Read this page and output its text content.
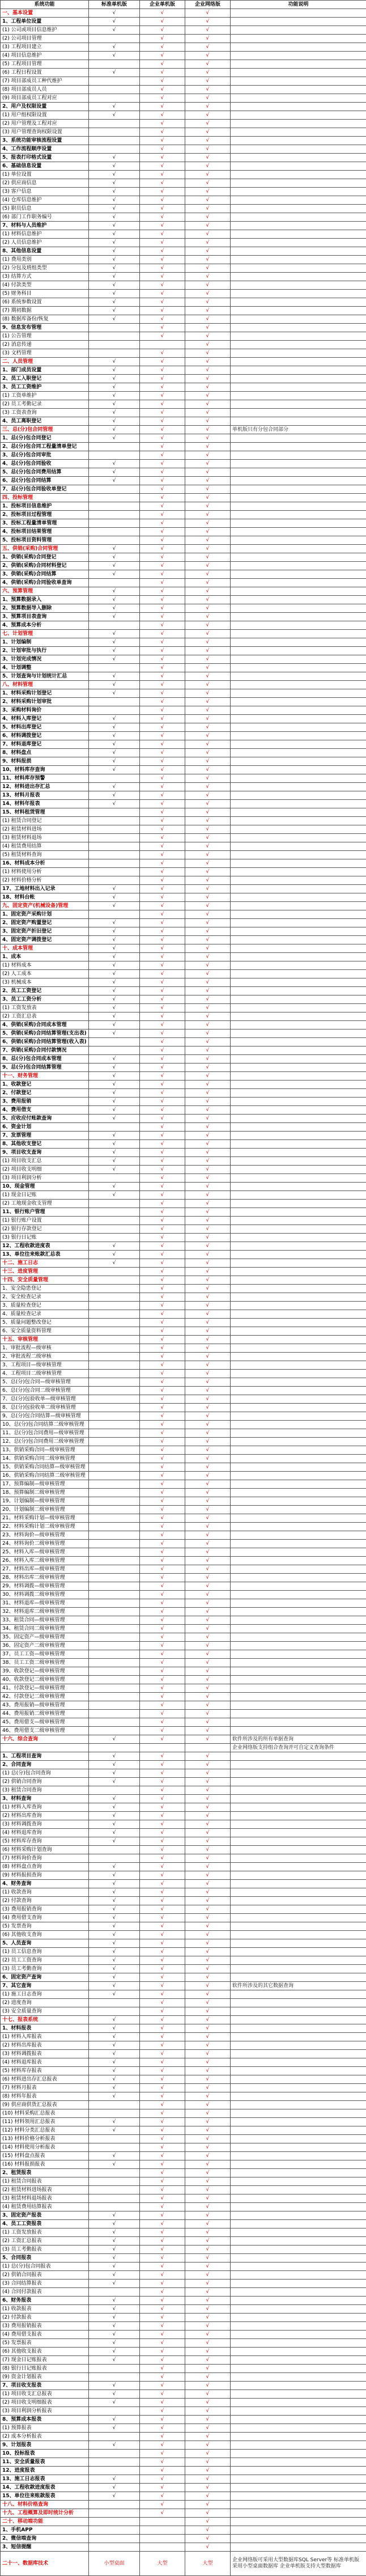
系统功能	标准单机版	企业单机版	企业网络版	功能说明
一、基本设置	√	√	√	
1、工程单位设置	√	√	√	
(1) 公司或项目信息维护	√	√	√	
(2) 公司项目管理		√	√	
(3) 工程项目建立	√	√	√	
(4) 项目信息维护	√	√	√	
(5) 工程项目管理		√	√	
(6) 工程日程设置	√	√	√	
(7) 项目部成员工种代维护		√	√	
(8) 项目部成员人员		√	√	
(9) 项目部成员工程对应		√	√	
2、用户及权限设置	√	√	√	
(1) 用户组权限设置	√	√	√	
(2) 用户管理及工程对应		√	√	
(3) 用户管理查询权限设置		√	√	
3、系统功能审核流程设置		√	√	
4、工作流程顺序设置		√	√	
5、报表打印格式设置	√	√	√	
6、基础信息设置	√	√	√	
(1) 单位设置	√	√	√	
(2) 供应商信息	√	√	√	
(3) 客户信息	√	√	√	
(4) 仓库信息维护	√	√	√	
(5) 职员信息	√	√	√	
(6) 部门工作职务编号	√	√	√	
7、材料与人员维护	√	√	√	
(1) 材料信息维护	√	√	√	
(2) 人员信息维护	√	√	√	
8、其他信息设置	√	√	√	
(1) 费用类别	√	√	√	
(2) 分包及班组类型	√	√	√	
(3) 结算方式	√	√	√	
(4) 付款类型	√	√	√	
(5) 财务科目	√	√	√	
(6) 系统参数设置	√	√	√	
(7) 期初数据	√	√	√	
(8) 数据库备份/恢复	√	√	√	
9、信息发布管理		√	√	
(1) 公告管理		√	√	
(2) 消息传递			√	
(3) 文档管理		√	√	
二、人员管理	√	√	√	
1、部门成员设置	√	√	√	
2、员工入职登记	√	√	√	
3、员工工资维护	√	√	√	
(1) 工资单维护	√	√	√	
(2) 员工考勤记录	√	√	√	
(3) 工资表查询	√	√	√	
4、员工离职登记	√	√	√	
三、总(分)包合同管理	√	√	√	单机版只有分包合同部分
1、总(分)包合同登记	√	√	√	
2、总(分)包合同工程量清单登记		√	√	
3、总(分)包合同审批		√	√	
4、总(分)包合同验收	√	√	√	
5、总(分)包合同费用结算	√	√	√	
6、总(分)包合同结算	√	√	√	
7、总(分)包合同验收单登记		√	√	
四、投标管理		√	√	
1、投标项目信息维护		√	√	
2、投标项目过程管理		√	√	
3、投标工程量清单管理		√	√	
4、投标项目结果管理		√	√	
5、投标项目资料管理		√	√	
五、供销(采购)合同管理	√	√	√	
1、供销(采购)合同登记	√	√	√	
2、供销(采购)合同材料登记	√	√	√	
3、供销(采购)合同结算	√	√	√	
4、供销(采购)合同验收单查询		√	√	
六、预算管理	√	√	√	
1、预算数据录入	√	√	√	
2、预算数据导入删除	√	√	√	
3、预算项目表查询	√	√	√	
4、预算成本分析		√	√	
七、计划管理	√	√	√	
1、计划编制	√	√	√	
2、计划审批与执行	√	√	√	
3、计划完成情况	√	√	√	
4、计划调整		√	√	
5、计划查询与计划统计汇总	√	√	√	
八、材料管理	√	√	√	
1、材料采购计划登记	√	√	√	
2、材料采购计划审批		√	√	
3、采购材料询价		√	√	
4、材料入库登记	√	√	√	
5、材料出库登记	√	√	√	
6、材料调拨登记	√	√	√	
7、材料退库登记	√	√	√	
8、材料盘点	√	√	√	
9、材料报损	√	√	√	
10、材料库存查询	√	√	√	
11、材料库存预警		√	√	
12、材料进出存汇总	√	√	√	
13、材料月报表	√	√	√	
14、材料年报表	√	√	√	
15、材料租赁管理		√	√	
(1) 租赁合同登记		√	√	
(2) 租赁材料进场		√	√	
(3) 租赁材料退场		√	√	
(4) 租赁费用结算		√	√	
(5) 租赁材料查询		√	√	
16、材料成本分析		√	√	
(1) 材料使用分析		√	√	
(2) 材料价格分析		√	√	
17、工地材料出入记录	√	√	√	
18、材料台帐	√	√	√	
九、固定资产(机械设备)管理	√	√	√	
1、固定资产采购计划		√	√	
2、固定资产购置登记	√	√	√	
3、固定资产折旧登记	√	√	√	
4、固定资产调拨登记	√	√	√	
十、成本管理	√	√	√	
1、成本	√	√	√	
(1) 材料成本	√	√	√	
(2) 人工成本	√	√	√	
(3) 机械成本	√	√	√	
2、员工工资登记	√	√	√	
3、员工工资分析	√	√	√	
(1) 工资发放表	√	√	√	
(2) 工资汇总表	√	√	√	
4、供销(采购)合同成本管理	√	√	√	
5、供销(采购)合同结算管理(支出表)	√	√	√	
6、供销(采购)合同结算管理(收入表)		√	√	
7、供销(采购)合同付款情况		√	√	
8、总(分)包合同成本管理	√	√	√	
9、总(分)包合同结算管理	√	√	√	
十一、财务管理	√	√	√	
1、收款登记	√	√	√	
2、付款登记	√	√	√	
3、费用报销	√	√	√	
4、费用借支	√	√	√	
5、应收应付账款查询	√	√	√	
6、资金计划		√	√	
7、发票管理	√	√	√	
8、其他收支登记	√	√	√	
9、项目收支查询	√	√	√	
(1) 项目收支汇总	√	√	√	
(2) 项目收支明细	√	√	√	
(3) 项目利润分析		√	√	
10、现金管理	√	√	√	
(1) 现金日记账	√	√	√	
(2) 工地现金收支管理		√	√	
11、银行账户管理		√	√	
(1) 银行账户设置		√	√	
(2) 银行存款登记		√	√	
(3) 银行日记账		√	√	
12、工程收款进度表	√	√	√	
13、单位往来账款汇总表	√	√	√	
十二、施工日志	√	√	√	
十三、进度管理		√	√	
十四、安全质量管理		√	√	
1、安全隐患登记		√	√	
2、安全检查记录		√	√	
3、质量检查登记		√	√	
4、质量检查记录		√	√	
5、质量问题整改登记		√	√	
6、安全质量资料管理		√	√	
十五、审核管理		√	√	
1、审批流程—级审核		√	√	
2、审批流程二级审核		√	√	
3、工程项目—级审核管理		√	√	
4、工程项目二级审核管理		√	√	
5、总(分)包合同—级审核管理		√	√	
6、总(分)包合同二级审核管理		√	√	
7、总(分)包验收单—级审核管理		√	√	
8、总(分)包验收单二级审核管理		√	√	
9、总(分)包合同结算—级审核管理		√	√	
10、总(分)包合同结算二级审核管理		√	√	
11、总(分)包合同费用—级审核管理		√	√	
12、总(分)包合同费用二级审核管理		√	√	
13、供销采购合同—级审核管理		√	√	
14、供销采购合同二级审核管理		√	√	
15、供销采购合同结算—级审核管理		√	√	
16、供销采购合同结算二级审核管理		√	√	
17、预算编制—级审核管理		√	√	
18、预算编制二级审核管理		√	√	
19、计划编制—级审核管理		√	√	
20、计划编制二级审核管理		√	√	
21、材料采购计划—级审核管理		√	√	
22、材料采购计划二级审核管理		√	√	
23、材料询价—级审核管理		√	√	
24、材料询价二级审核管理		√	√	
25、材料入库—级审核管理		√	√	
26、材料入库二级审核管理		√	√	
27、材料出库—级审核管理		√	√	
28、材料出库二级审核管理		√	√	
29、材料调拨—级审核管理		√	√	
30、材料调拨二级审核管理		√	√	
31、材料退库—级审核管理		√	√	
32、材料退库二级审核管理		√	√	
33、租赁合同—级审核管理		√	√	
34、租赁合同二级审核管理		√	√	
35、固定资产—级审核管理		√	√	
36、固定资产二级审核管理		√	√	
37、员工工资—级审核管理		√	√	
38、员工工资二级审核管理		√	√	
39、收款登记—级审核管理		√	√	
40、收款登记二级审核管理		√	√	
41、付款登记—级审核管理		√	√	
42、付款登记二级审核管理		√	√	
43、费用报销—级审核管理		√	√	
44、费用报销二级审核管理		√	√	
45、费用借支—级审核管理		√	√	
46、费用借支二级审核管理		√	√	
十六、综合查询	√	√	√	软件所涉及的所有单据查询
				企业网络版支持组合查询并可自定义查询条件
1、工程项目查询	√	√	√	
2、合同查询	√	√	√	
(1) 总(分)包合同查询	√	√	√	
(2) 供销合同查询	√	√	√	
(3) 租赁合同查询		√	√	
3、材料查询	√	√	√	
(1) 材料入库查询	√	√	√	
(2) 材料出库查询	√	√	√	
(3) 材料调拨查询	√	√	√	
(4) 材料退库查询	√	√	√	
(5) 材料库存查询	√	√	√	
(6) 材料采购计划查询		√	√	
(7) 材料询价查询		√	√	
(8) 材料盘点查询	√	√	√	
(9) 材料报损查询	√	√	√	
4、财务查询	√	√	√	
(1) 收款查询	√	√	√	
(2) 付款查询	√	√	√	
(3) 费用报销查询	√	√	√	
(4) 费用借支查询	√	√	√	
(5) 发票查询	√	√	√	
(6) 其他收支查询	√	√	√	
5、人员查询	√	√	√	
(1) 员工信息查询	√	√	√	
(2) 员工工资查询	√	√	√	
(3) 员工考勤查询	√	√	√	
6、固定资产查询	√	√	√	
7、其它查询	√	√	√	软件所涉及的其它数据查询
(1) 施工日志查询	√	√	√	
(2) 进度查询		√	√	
(3) 安全质量查询		√	√	
十七、报表系统	√	√	√	
1、材料报表	√	√	√	
(1) 材料入库报表	√	√	√	
(2) 材料出库报表	√	√	√	
(3) 材料调拨报表	√	√	√	
(4) 材料退库报表	√	√	√	
(5) 材料库存报表	√	√	√	
(6) 材料进出存汇总报表	√	√	√	
(7) 材料月报表	√	√	√	
(8) 材料年报表	√	√	√	
(9) 供应商供货汇总报表		√	√	
(10) 材料采购汇总报表		√	√	
(11) 材料领用汇总报表	√	√	√	
(12) 材料分类汇总报表	√	√	√	
(13) 材料价格分析报表		√	√	
(14) 材料使用分析报表		√	√	
(15) 材料盘点报表	√	√	√	
(16) 材料报损报表	√	√	√	
2、租赁报表		√	√	
(1) 租赁合同报表		√	√	
(2) 租赁材料进场报表		√	√	
(3) 租赁材料退场报表		√	√	
(4) 租赁费用结算报表		√	√	
3、固定资产报表	√	√	√	
4、员工工资报表	√	√	√	
(1) 工资发放报表	√	√	√	
(2) 工资汇总报表	√	√	√	
(3) 员工考勤报表	√	√	√	
5、合同报表	√	√	√	
(1) 总(分)包合同报表	√	√	√	
(2) 供销合同报表	√	√	√	
(3) 合同结算报表	√	√	√	
(4) 合同付款报表		√	√	
6、财务报表	√	√	√	
(1) 收款报表	√	√	√	
(2) 付款报表	√	√	√	
(3) 费用报销报表	√	√	√	
(4) 费用借支报表	√	√	√	
(5) 发票报表	√	√	√	
(6) 其他收支报表	√	√	√	
(7) 现金日记账报表	√	√	√	
(8) 银行日记账报表		√	√	
(9) 资金计划报表		√	√	
7、项目收支报表	√	√	√	
(1) 项目收支汇总报表	√	√	√	
(2) 项目收支明细报表	√	√	√	
(3) 项目利润分析报表		√	√	
8、预算成本报表	√	√	√	
(1) 预算报表	√	√	√	
(2) 成本分析报表		√	√	
9、计划报表	√	√	√	
10、投标报表		√	√	
11、安全质量报表		√	√	
12、进度报表		√	√	
13、施工日志报表	√	√	√	
14、工程收款进度报表	√	√	√	
15、单位往来账款报表	√	√	√	
十八、材料价格查询		√	√	
十九、工程概算及即时统计分析		√	√	
二十、移动端功能			√	
1、手机APP			√	
2、微信端查询			√	
3、短信提醒			√	
二十一、数据库技术	小型桌面	大型	大型	企业网络版可采用大型数据库SQL Server等 标准单机版采用小型桌面数据库 企业单机版支持大型数据库
